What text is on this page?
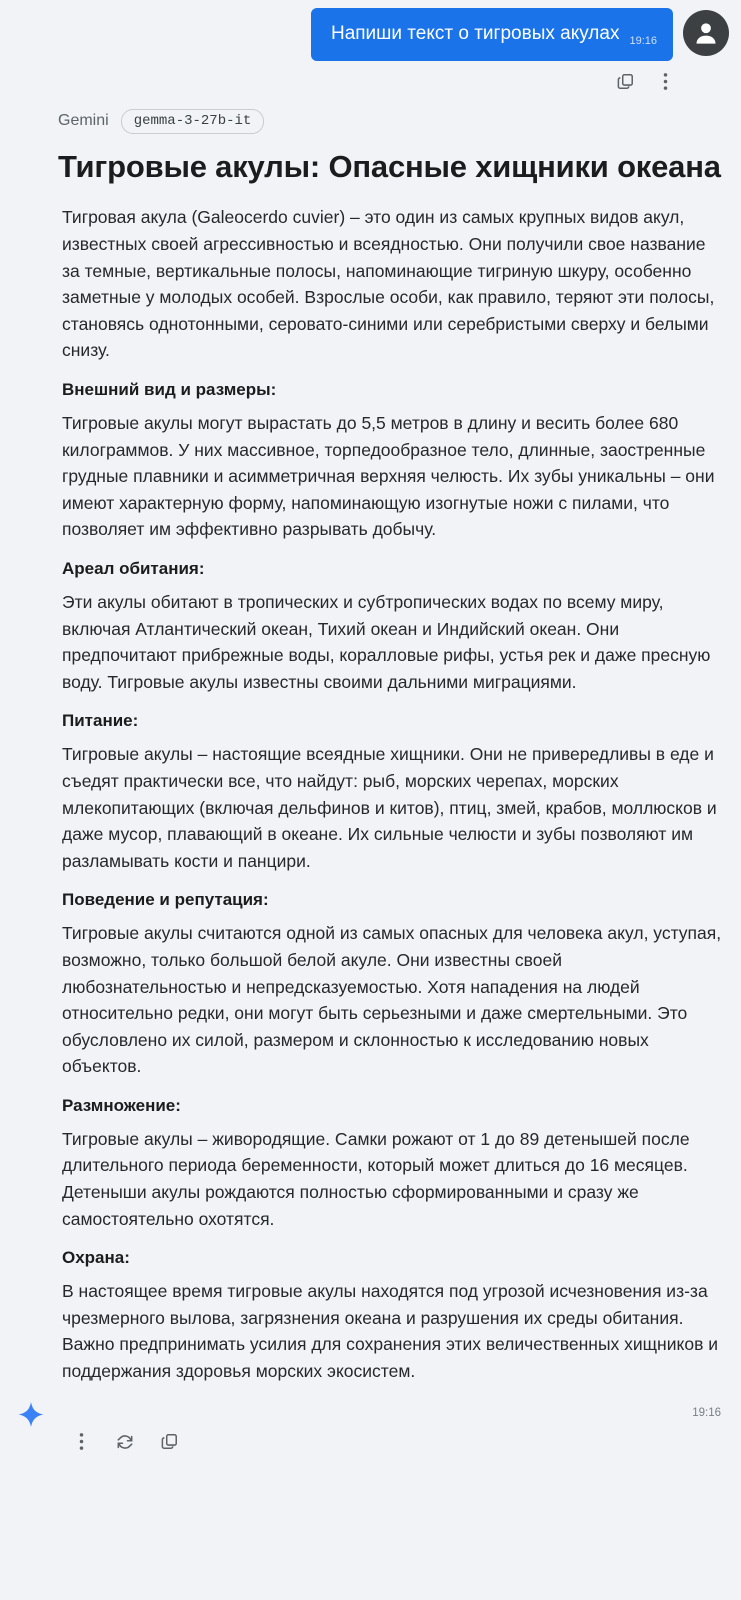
Напиши текст о тигровых акулах 19:16
Gemini	gemma-3-27b-it
Тигровые акулы: Опасные хищники океана

Тигровая акула (Galeocerdo cuvier) – это один из самых крупных видов акул, известных своей агрессивностью и всеядностью. Они получили свое название за темные, вертикальные полосы, напоминающие тигриную шкуру, особенно заметные у молодых особей. Взрослые особи, как правило, теряют эти полосы, становясь однотонными, серовато-синими или серебристыми сверху и белыми снизу.

Внешний вид и размеры:

Тигровые акулы могут вырастать до 5,5 метров в длину и весить более 680 килограммов. У них массивное, торпедообразное тело, длинные, заостренные грудные плавники и асимметричная верхняя челюсть. Их зубы уникальны – они имеют характерную форму, напоминающую изогнутые ножи с пилами, что позволяет им эффективно разрывать добычу.

Ареал обитания:

Эти акулы обитают в тропических и субтропических водах по всему миру, включая Атлантический океан, Тихий океан и Индийский океан. Они предпочитают прибрежные воды, коралловые рифы, устья рек и даже пресную воду. Тигровые акулы известны своими дальними миграциями.

Питание:

Тигровые акулы – настоящие всеядные хищники. Они не привередливы в еде и съедят практически все, что найдут: рыб, морских черепах, морских млекопитающих (включая дельфинов и китов), птиц, змей, крабов, моллюсков и даже мусор, плавающий в океане. Их сильные челюсти и зубы позволяют им разламывать кости и панцири.

Поведение и репутация:

Тигровые акулы считаются одной из самых опасных для человека акул, уступая, возможно, только большой белой акуле. Они известны своей любознательностью и непредсказуемостью. Хотя нападения на людей относительно редки, они могут быть серьезными и даже смертельными. Это обусловлено их силой, размером и склонностью к исследованию новых объектов.

Размножение:

Тигровые акулы – живородящие. Самки рожают от 1 до 89 детенышей после длительного периода беременности, который может длиться до 16 месяцев. Детеныши акулы рождаются полностью сформированными и сразу же самостоятельно охотятся.

Охрана:

В настоящее время тигровые акулы находятся под угрозой исчезновения из-за чрезмерного вылова, загрязнения океана и разрушения их среды обитания. Важно предпринимать усилия для сохранения этих величественных хищников и поддержания здоровья морских экосистем.

19:16
